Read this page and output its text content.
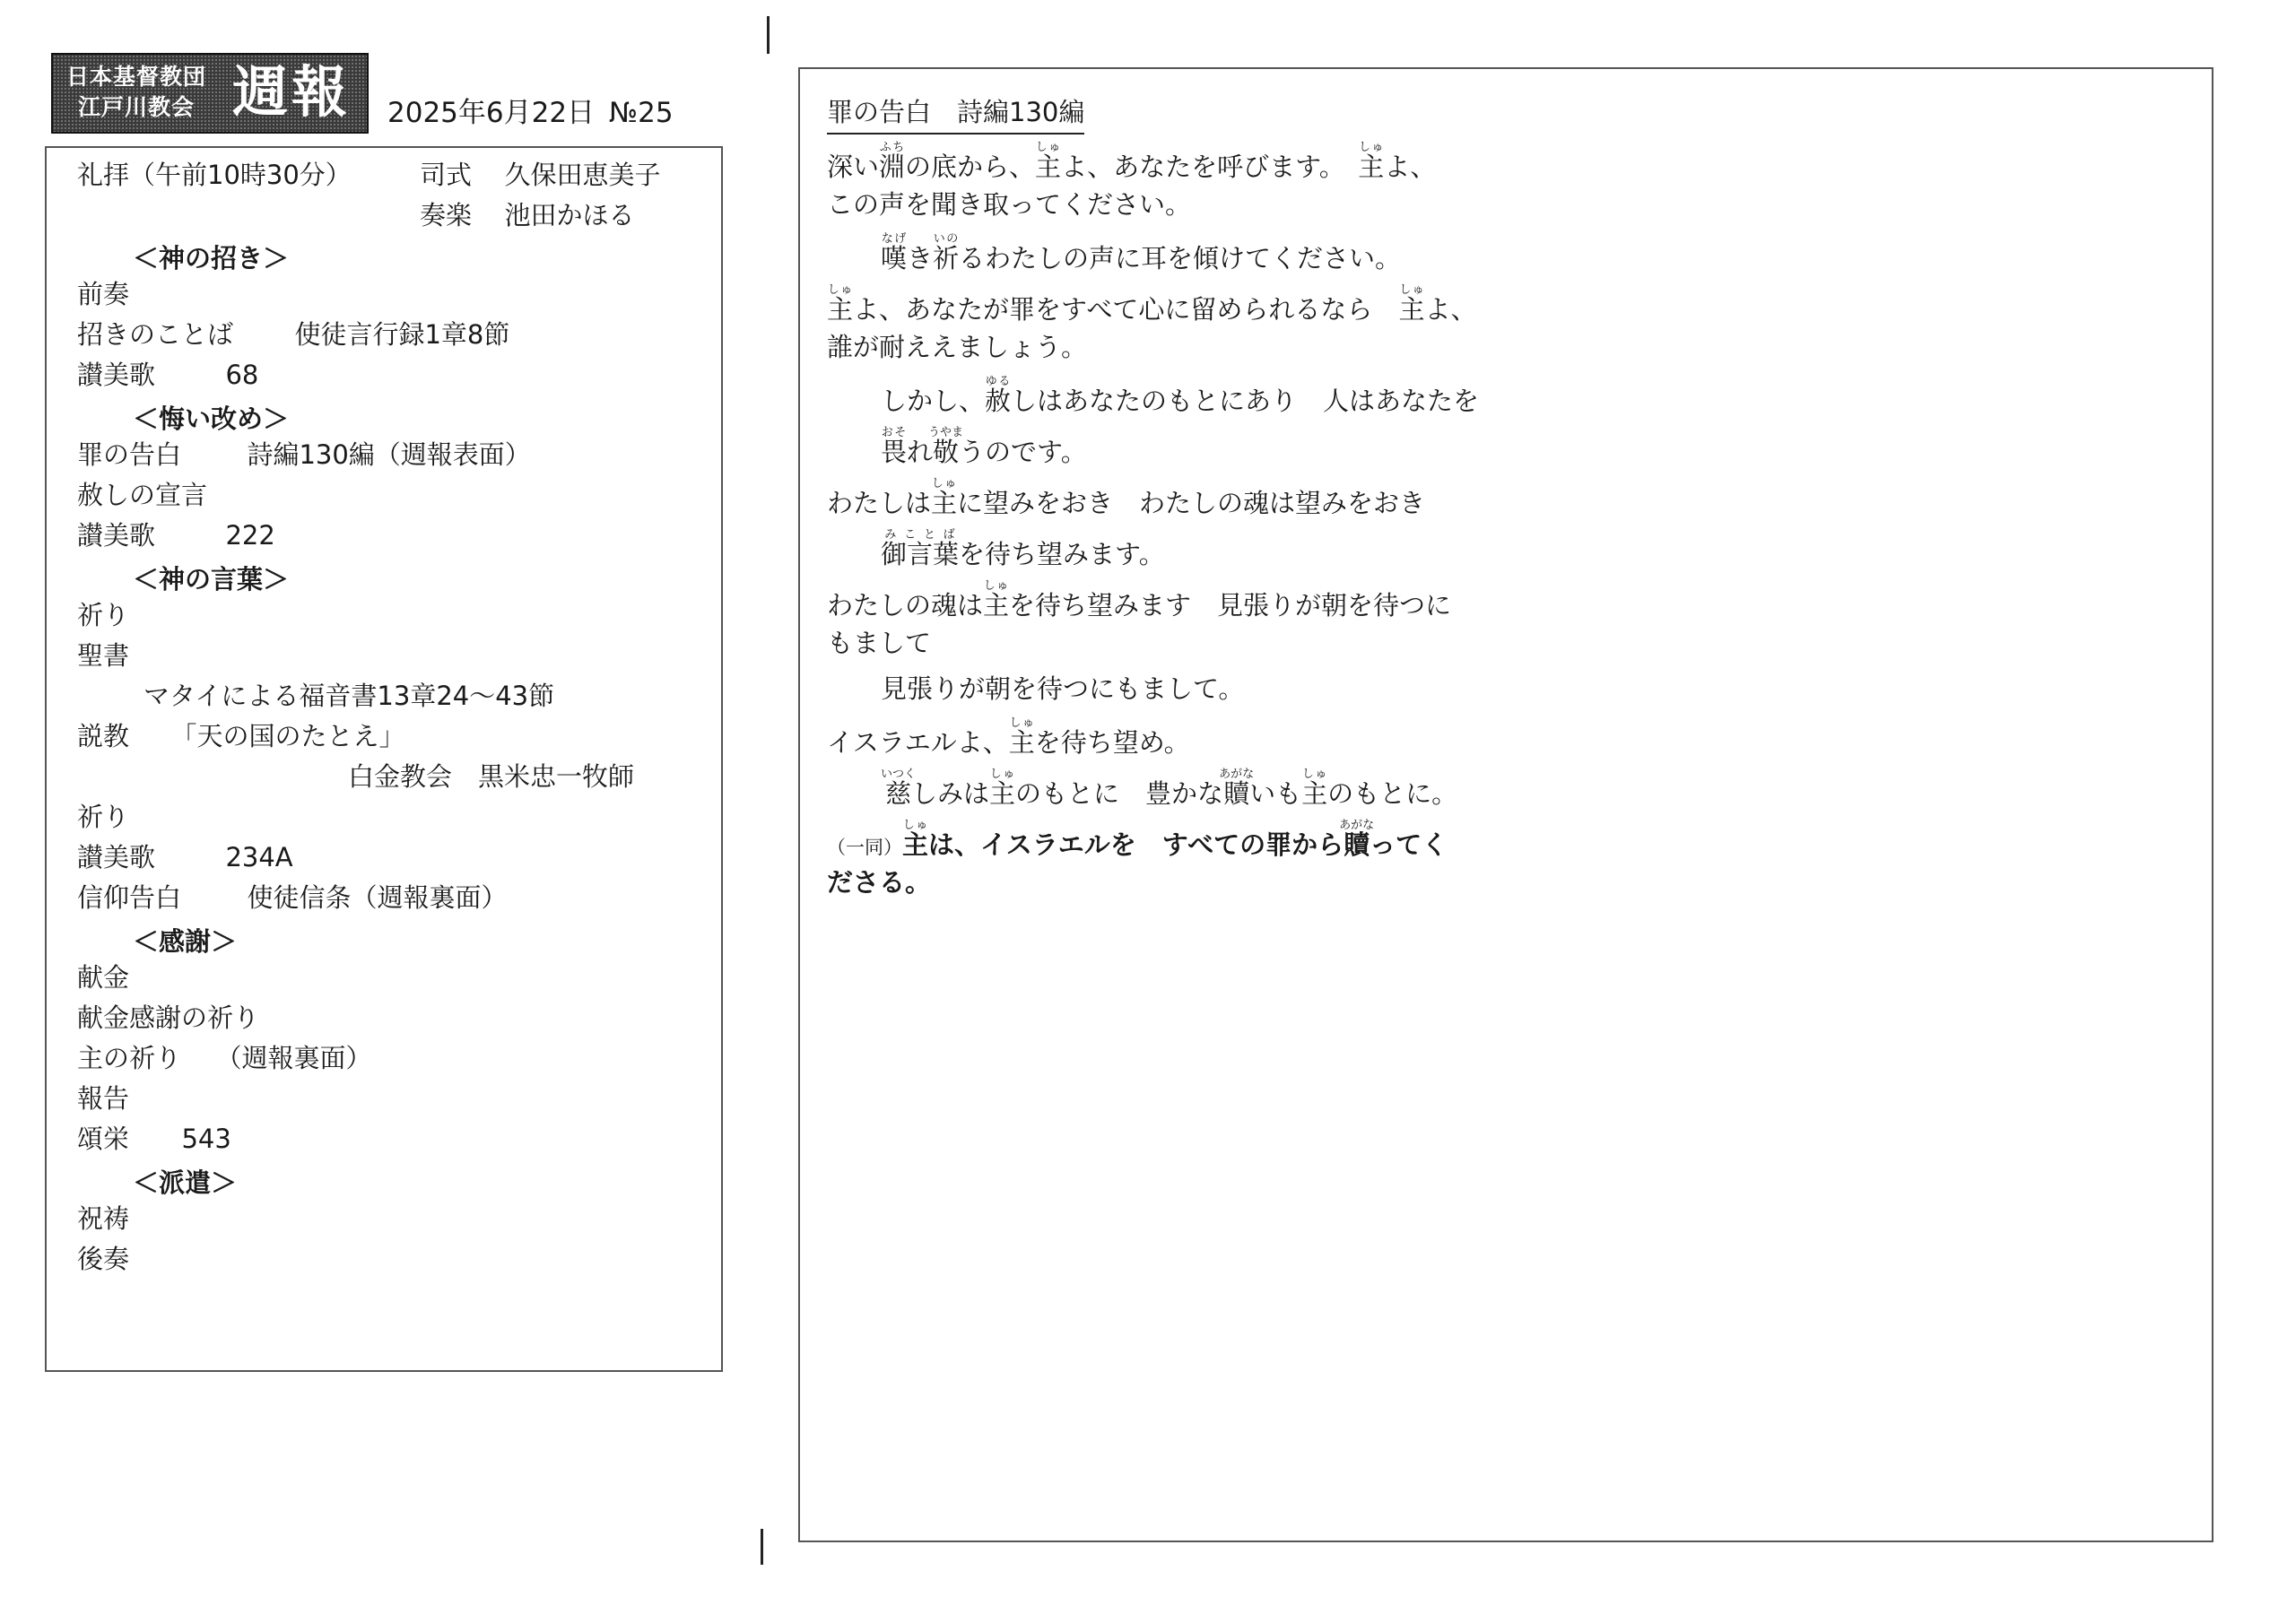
日本基督教団
江戸川教会 週報 2025年6月22日 №25
礼拝（午前10時30分）	司式 久保田恵美子
奏楽 池田かほる
＜神の招き＞
前奏
招きのことば 使徒言行録1章8節
讃美歌	68
＜悔い改め＞
罪の告白	詩編130編（週報表面）
赦しの宣言
讃美歌	222
＜神の言葉＞
祈り
聖書
マタイによる福音書13章24〜43節
説教 「天の国のたとえ」
白金教会　黒米忠一牧師
祈り
讃美歌	234A
信仰告白	使徒信条（週報裏面）
＜感謝＞
献金
献金感謝の祈り
主の祈り （週報裏面）
報告
頌栄 543
＜派遣＞
祝祷
後奏
罪の告白　詩編130編
深い淵ふちの底から、主しゅよ、あなたを呼びます。　主しゅよ、
この声を聞き取ってください。
嘆なげき祈いのるわたしの声に耳を傾けてください。
主しゅよ、あなたが罪をすべて心に留められるなら　主しゅよ、
誰が耐ええましょう。
しかし、赦ゆるしはあなたのもとにあり　人はあなたを
畏おそれ敬うやまうのです。
わたしは主しゅに望みをおき　わたしの魂は望みをおき
御言葉みことばを待ち望みます。
わたしの魂は主しゅを待ち望みます　見張りが朝を待つに
もまして
見張りが朝を待つにもまして。
イスラエルよ、主しゅを待ち望め。
慈いつくしみは主しゅのもとに　豊かな贖あがないも主しゅのもとに。
（一同）主しゅは、イスラエルを　すべての罪から贖あがなってく
ださる。
